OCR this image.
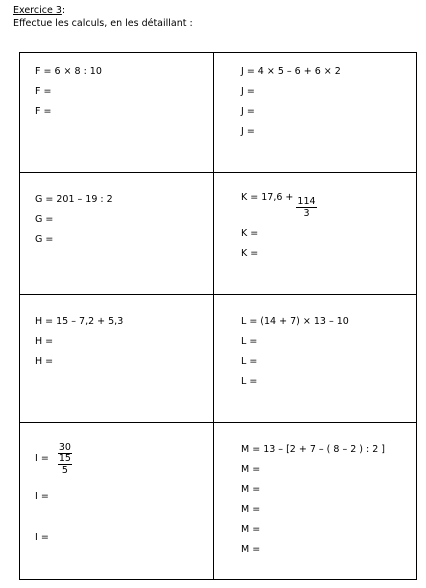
Exercice 3:
Effectue les calculs, en les détaillant :
F = 6 × 8 : 10
F =
F =
J = 4 × 5 – 6 + 6 × 2
J =
J =
J =
G = 201 – 19 : 2
G =
G =
$K = 17,6 + \frac{114}{3}$
K =
K =
H = 15 – 7,2 + 5,3
H =
H =
L = (14 + 7) × 13 – 10
L =
L =
L =
$I = \frac{30}{\frac{15}{5}}$
I =
I =
M = 13 – [2 + 7 – ( 8 – 2 ) : 2 ]
M =
M =
M =
M =
M =
